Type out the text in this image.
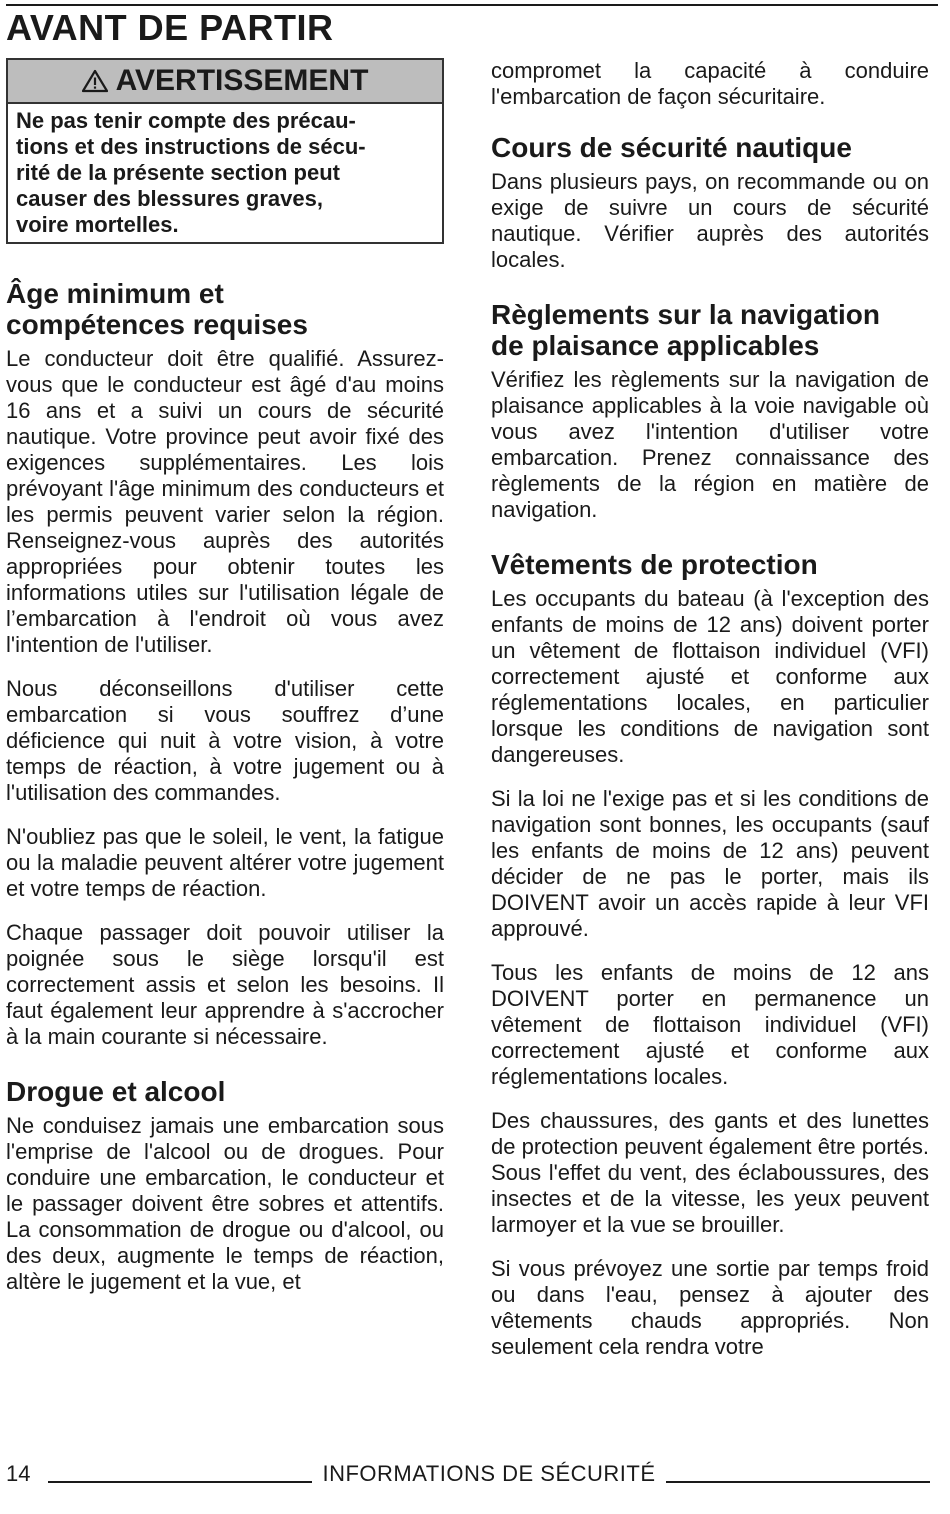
AVANT DE PARTIR
AVERTISSEMENT
Ne pas tenir compte des précau-
tions et des instructions de sécu-
rité de la présente section peut
causer des blessures graves,
voire mortelles.
Âge minimum et
compétences requises

Le conducteur doit être qualifié. Assurez-vous que le conducteur est âgé d'au moins 16 ans et a suivi un cours de sécurité nautique. Votre province peut avoir fixé des exigences supplémentaires. Les lois prévoyant l'âge minimum des conducteurs et les permis peuvent varier selon la région. Renseignez-vous auprès des autorités appropriées pour obtenir toutes les informations utiles sur l'utilisation légale de l’embarcation à l'endroit où vous avez l'intention de l'utiliser.

Nous déconseillons d'utiliser cette embarcation si vous souffrez d’une déficience qui nuit à votre vision, à votre temps de réaction, à votre jugement ou à l'utilisation des commandes.

N'oubliez pas que le soleil, le vent, la fatigue ou la maladie peuvent altérer votre jugement et votre temps de réaction.

Chaque passager doit pouvoir utiliser la poignée sous le siège lorsqu'il est correctement assis et selon les besoins. Il faut également leur apprendre à s'accrocher à la main courante si nécessaire.

Drogue et alcool

Ne conduisez jamais une embarcation sous l'emprise de l'alcool ou de drogues. Pour conduire une embarcation, le conducteur et le passager doivent être sobres et attentifs. La consommation de drogue ou d'alcool, ou des deux, augmente le temps de réaction, altère le jugement et la vue, et

compromet la capacité à conduire l'embarcation de façon sécuritaire.

Cours de sécurité nautique

Dans plusieurs pays, on recommande ou on exige de suivre un cours de sécurité nautique. Vérifier auprès des autorités locales.

Règlements sur la navigation
de plaisance applicables

Vérifiez les règlements sur la navigation de plaisance applicables à la voie navigable où vous avez l'intention d'utiliser votre embarcation. Prenez connaissance des règlements de la région en matière de navigation.

Vêtements de protection

Les occupants du bateau (à l'exception des enfants de moins de 12 ans) doivent porter un vêtement de flottaison individuel (VFI) correctement ajusté et conforme aux réglementations locales, en particulier lorsque les conditions de navigation sont dangereuses.

Si la loi ne l'exige pas et si les conditions de navigation sont bonnes, les occupants (sauf les enfants de moins de 12 ans) peuvent décider de ne pas le porter, mais ils DOIVENT avoir un accès rapide à leur VFI approuvé.

Tous les enfants de moins de 12 ans DOIVENT porter en permanence un vêtement de flottaison individuel (VFI) correctement ajusté et conforme aux réglementations locales.

Des chaussures, des gants et des lunettes de protection peuvent également être portés. Sous l'effet du vent, des éclaboussures, des insectes et de la vitesse, les yeux peuvent larmoyer et la vue se brouiller.

Si vous prévoyez une sortie par temps froid ou dans l'eau, pensez à ajouter des vêtements chauds appropriés. Non seulement cela rendra votre

14	INFORMATIONS DE SÉCURITÉ
